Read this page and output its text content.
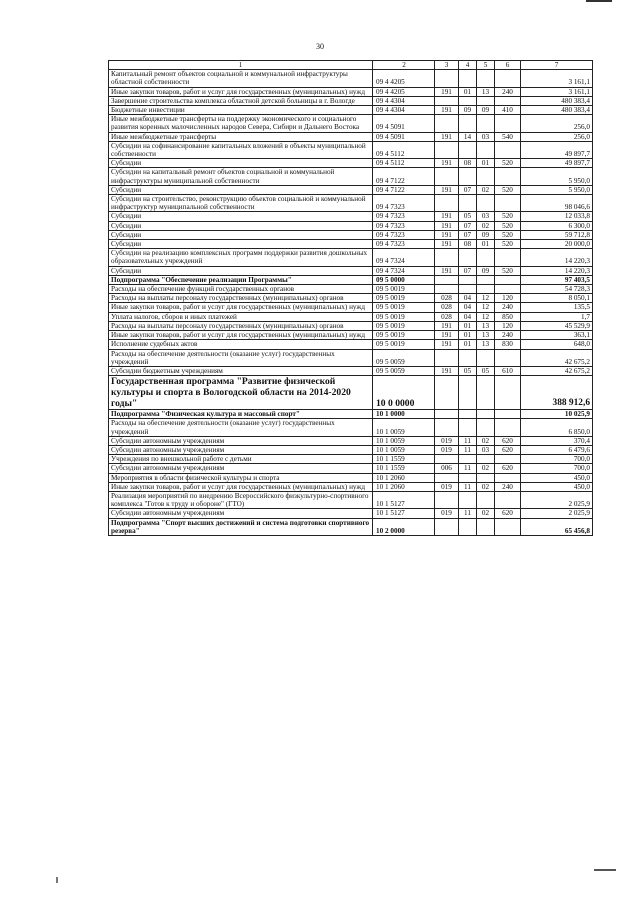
30
1	2	3	4	5	6	7
Капитальный ремонт объектов социальной и коммунальной инфраструктуры областной собственности	09 4 4205					3 161,1
Иные закупки товаров, работ и услуг для государственных (муниципальных) нужд	09 4 4205	191	01	13	240	3 161,1
Завершение строительства комплекса областной детской больницы в г. Вологде	09 4 4304					480 383,4
Бюджетные инвестиции	09 4 4304	191	09	09	410	480 383,4
Иные межбюджетные трансферты на поддержку экономического и социального развития коренных малочисленных народов Севера, Сибири и Дальнего Востока	09 4 5091					256,0
Иные межбюджетные трансферты	09 4 5091	191	14	03	540	256,0
Субсидии на софинансирование капитальных вложений в объекты муниципальной собственности	09 4 5112					49 897,7
Субсидии	09 4 5112	191	08	01	520	49 897,7
Субсидии на капитальный ремонт объектов социальной и коммунальной инфраструктуры муниципальной собственности	09 4 7122					5 950,0
Субсидии	09 4 7122	191	07	02	520	5 950,0
Субсидии на строительство, реконструкцию объектов социальной и коммунальной инфраструктур муниципальной собственности	09 4 7323					98 046,6
Субсидии	09 4 7323	191	05	03	520	12 033,8
Субсидии	09 4 7323	191	07	02	520	6 300,0
Субсидии	09 4 7323	191	07	09	520	59 712,8
Субсидии	09 4 7323	191	08	01	520	20 000,0
Субсидии на реализацию комплексных программ поддержки развития дошкольных образовательных учреждений	09 4 7324					14 220,3
Субсидии	09 4 7324	191	07	09	520	14 220,3
Подпрограмма "Обеспечение реализации Программы"	09 5 0000					97 403,5
Расходы на обеспечение функций государственных органов	09 5 0019					54 728,3
Расходы на выплаты персоналу государственных (муниципальных) органов	09 5 0019	028	04	12	120	8 050,1
Иные закупки товаров, работ и услуг для государственных (муниципальных) нужд	09 5 0019	028	04	12	240	135,5
Уплата налогов, сборов и иных платежей	09 5 0019	028	04	12	850	1,7
Расходы на выплаты персоналу государственных (муниципальных) органов	09 5 0019	191	01	13	120	45 529,9
Иные закупки товаров, работ и услуг для государственных (муниципальных) нужд	09 5 0019	191	01	13	240	363,1
Исполнение судебных актов	09 5 0019	191	01	13	830	648,0
Расходы на обеспечение деятельности (оказание услуг) государственных учреждений	09 5 0059					42 675,2
Субсидии бюджетным учреждениям	09 5 0059	191	05	05	610	42 675,2
Государственная программа "Развитие физической культуры и спорта в Вологодской области на 2014-2020 годы"	10 0 0000					388 912,6
Подпрограмма "Физическая культура и массовый спорт"	10 1 0000					10 025,9
Расходы на обеспечение деятельности (оказание услуг) государственных учреждений	10 1 0059					6 850,0
Субсидии автономным учреждениям	10 1 0059	019	11	02	620	370,4
Субсидии автономным учреждениям	10 1 0059	019	11	03	620	6 479,6
Учреждения по внешкольной работе с детьми	10 1 1559					700,0
Субсидии автономным учреждениям	10 1 1559	006	11	02	620	700,0
Мероприятия в области физической культуры и спорта	10 1 2060					450,0
Иные закупки товаров, работ и услуг для государственных (муниципальных) нужд	10 1 2060	019	11	02	240	450,0
Реализация мероприятий по внедрению Всероссийского физкультурно-спортивного комплекса "Готов к труду и обороне" (ГТО)	10 1 5127					2 025,9
Субсидии автономным учреждениям	10 1 5127	019	11	02	620	2 025,9
Подпрограмма "Спорт высших достижений и система подготовки спортивного резерва"	10 2 0000					65 456,8
